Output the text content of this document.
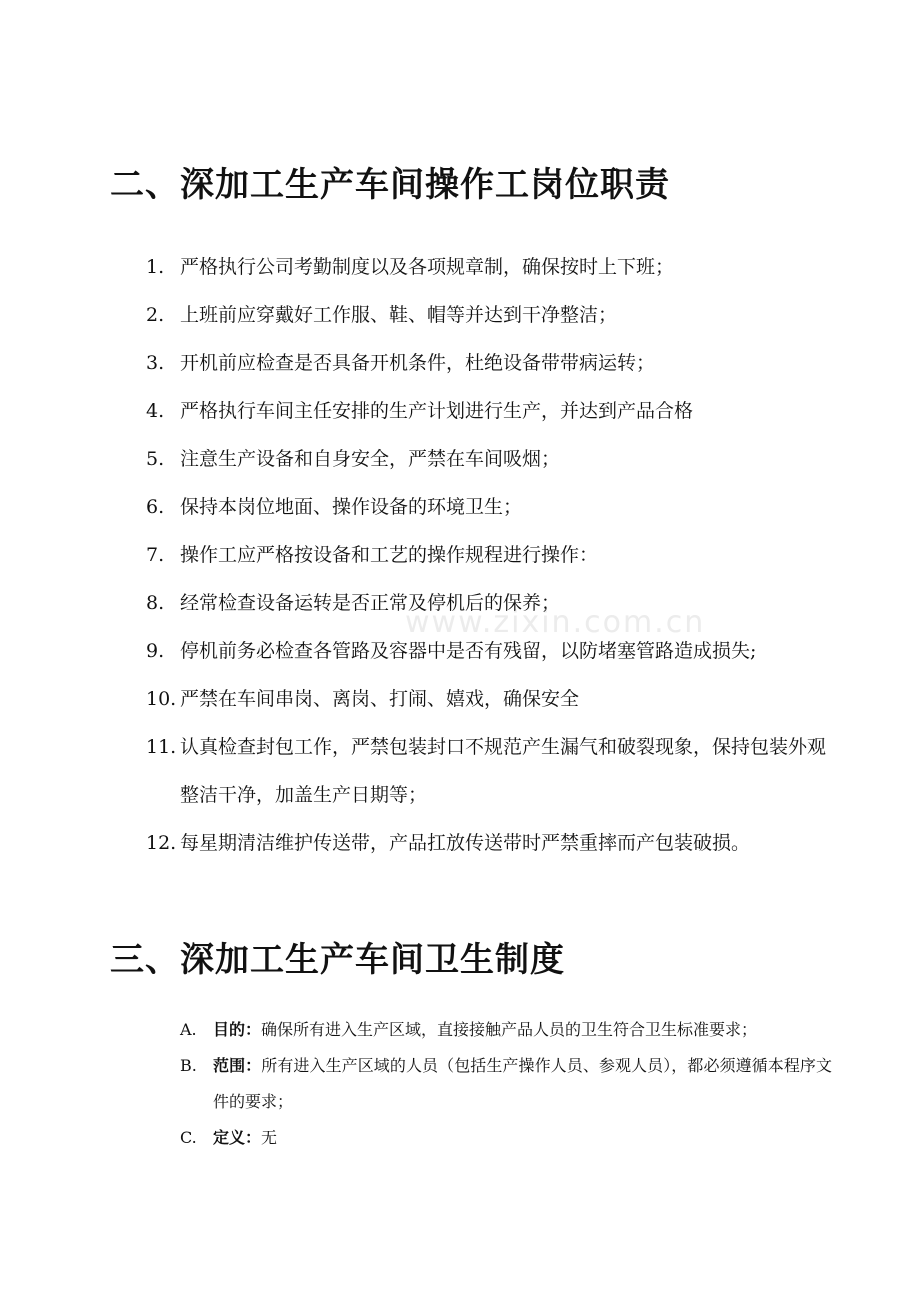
www.zixin.com.cn
二、深加工生产车间操作工岗位职责
1. 严格执行公司考勤制度以及各项规章制，确保按时上下班；
2. 上班前应穿戴好工作服、鞋、帽等并达到干净整洁；
3. 开机前应检查是否具备开机条件，杜绝设备带带病运转；
4. 严格执行车间主任安排的生产计划进行生产，并达到产品合格
5. 注意生产设备和自身安全，严禁在车间吸烟；
6. 保持本岗位地面、操作设备的环境卫生；
7. 操作工应严格按设备和工艺的操作规程进行操作：
8. 经常检查设备运转是否正常及停机后的保养；
9. 停机前务必检查各管路及容器中是否有残留，以防堵塞管路造成损失;
10. 严禁在车间串岗、离岗、打闹、嬉戏，确保安全
11. 认真检查封包工作，严禁包装封口不规范产生漏气和破裂现象，保持包装外观整洁干净，加盖生产日期等；
12. 每星期清洁维护传送带，产品扛放传送带时严禁重摔而产包装破损。
三、深加工生产车间卫生制度
A. 目的：确保所有进入生产区域，直接接触产品人员的卫生符合卫生标准要求；
B. 范围：所有进入生产区域的人员（包括生产操作人员、参观人员），都必须遵循本程序文件的要求；
C. 定义：无
